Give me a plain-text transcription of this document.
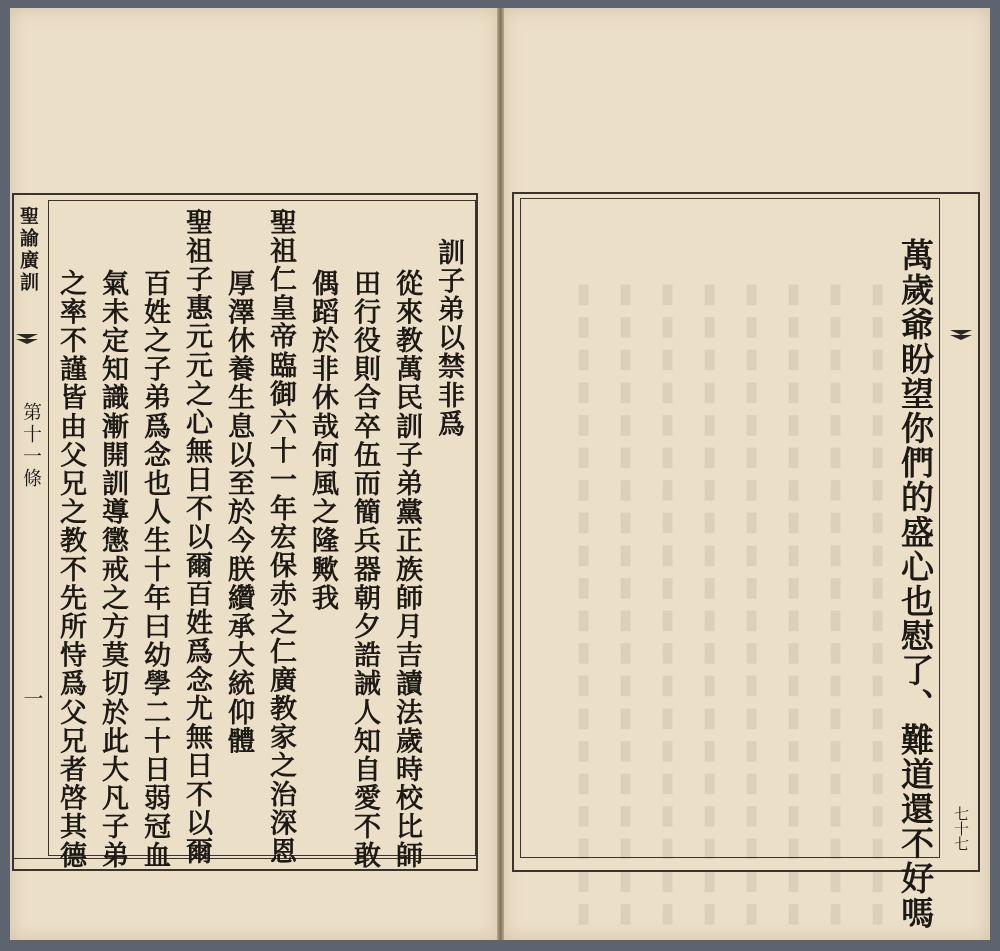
聖諭廣訓
第十一條
一
訓子弟以禁非爲
從來教萬民訓子弟黨正族師月吉讀法歲時校比師
田行役則合卒伍而簡兵器朝夕誥誡人知自愛不敢
偶蹈於非休哉何風之隆歟我
聖祖仁皇帝臨御六十一年宏保赤之仁廣教家之治深恩
厚澤休養生息以至於今朕纘承大統仰體
聖祖子惠元元之心無日不以爾百姓爲念尤無日不以爾
百姓之子弟爲念也人生十年曰幼學二十日弱冠血
氣未定知識漸開訓導懲戒之方莫切於此大凡子弟
之率不謹皆由父兄之教不先所恃爲父兄者啓其德	▮▮▮▮▮▮▮▮▮▮▮▮▮▮▮▮▮▮▮▮
▮▮▮▮▮▮▮▮▮▮▮▮▮▮▮▮▮▮▮▮
▮▮▮▮▮▮▮▮▮▮▮▮▮▮▮▮▮▮▮▮
▮▮▮▮▮▮▮▮▮▮▮▮▮▮▮▮▮▮▮▮
▮▮▮▮▮▮▮▮▮▮▮▮▮▮▮▮▮▮▮▮
▮▮▮▮▮▮▮▮▮▮▮▮▮▮▮▮▮▮▮▮
▮▮▮▮▮▮▮▮▮▮▮▮▮▮▮▮▮▮▮▮
▮▮▮▮▮▮▮▮▮▮▮▮▮▮▮▮▮▮▮▮	萬歲爺盼望你們的盛心也慰了、難道還不好嗎 七十七
